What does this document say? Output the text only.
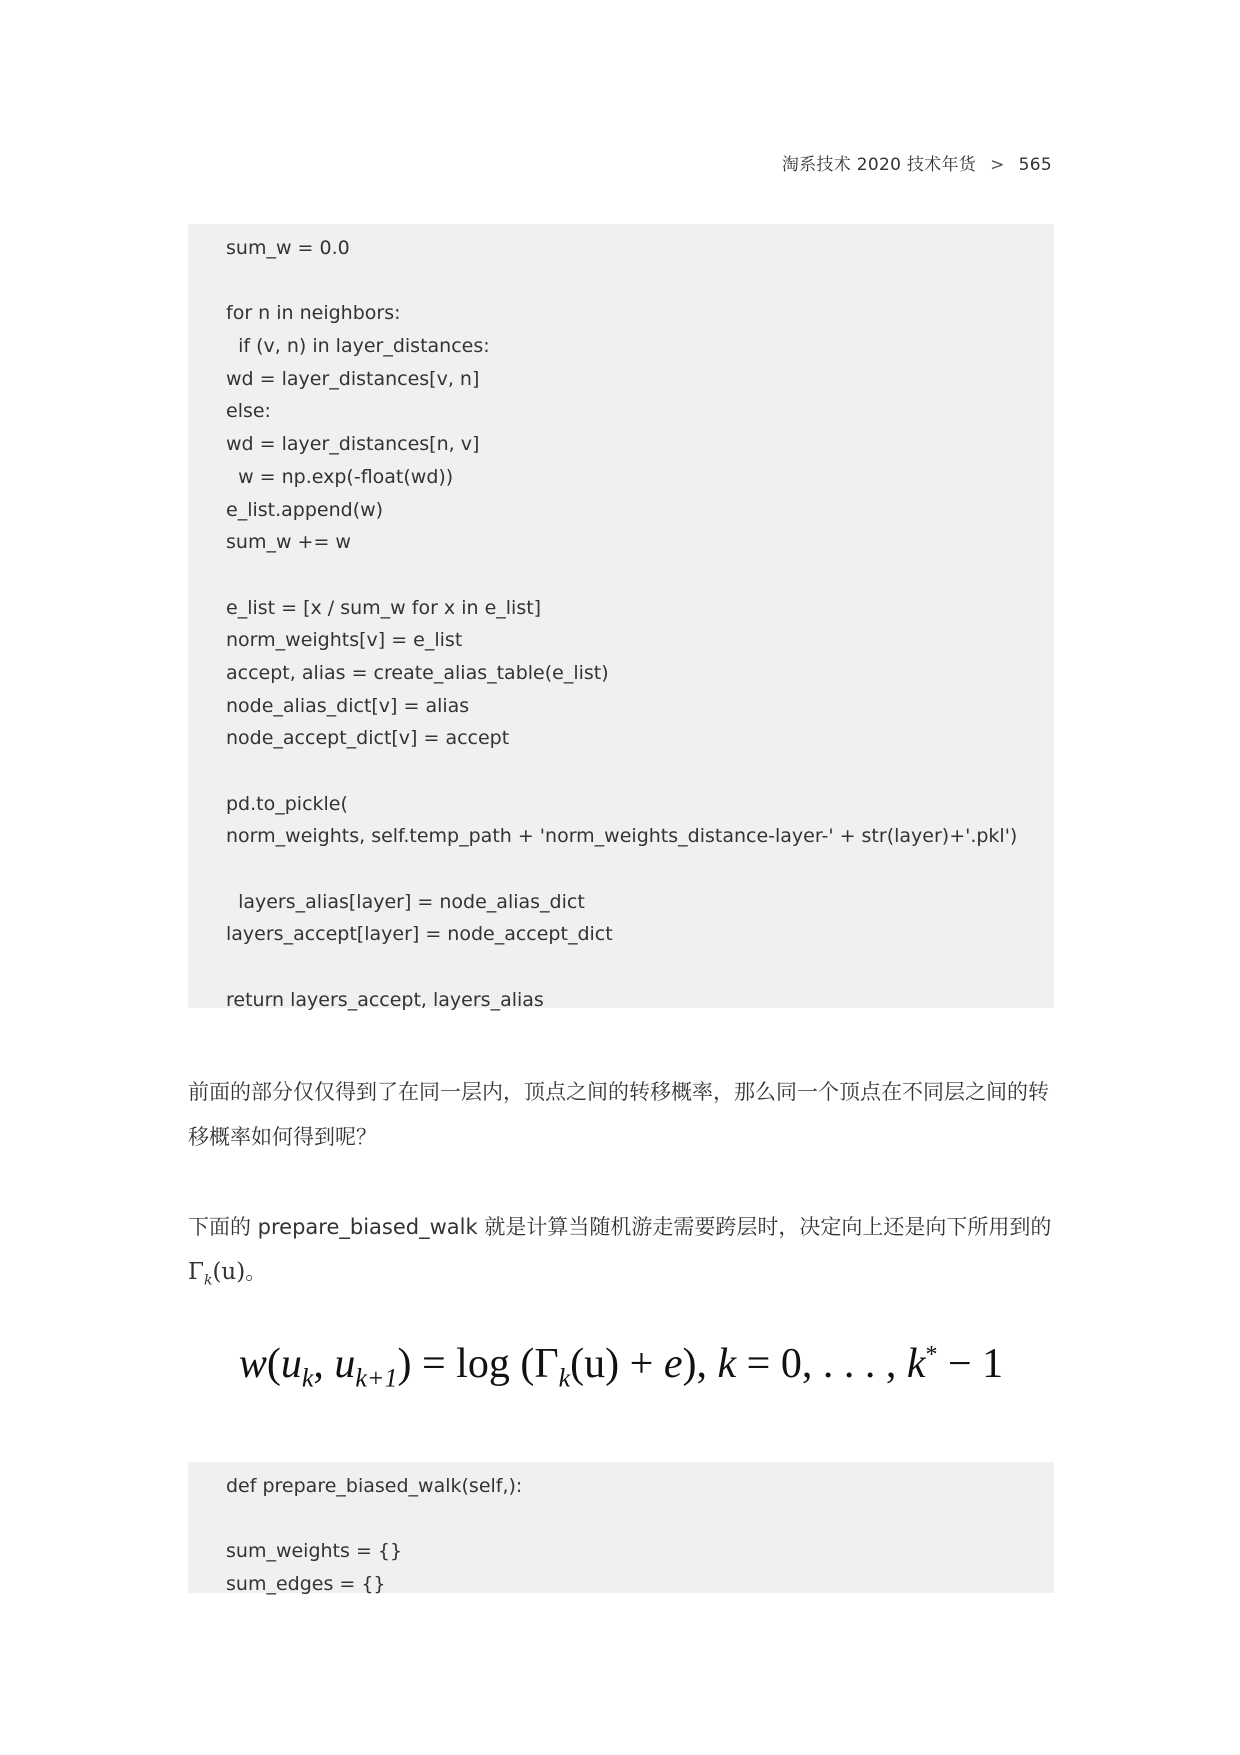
淘系技术 2020 技术年货 > 565
sum_w = 0.0
for n in neighbors:
if (v, n) in layer_distances:
wd = layer_distances[v, n]
else:
wd = layer_distances[n, v]
w = np.exp(-float(wd))
e_list.append(w)
sum_w += w
e_list = [x / sum_w for x in e_list]
norm_weights[v] = e_list
accept, alias = create_alias_table(e_list)
node_alias_dict[v] = alias
node_accept_dict[v] = accept
pd.to_pickle(
norm_weights, self.temp_path + 'norm_weights_distance-layer-' + str(layer)+'.pkl')
layers_alias[layer] = node_alias_dict
layers_accept[layer] = node_accept_dict
return layers_accept, layers_alias
前面的部分仅仅得到了在同一层内，顶点之间的转移概率，那么同一个顶点在不同层之间的转移概率如何得到呢？
下面的 prepare_biased_walk 就是计算当随机游走需要跨层时，决定向上还是向下所用到的
$\Gamma_k(u)$。
$w(u_k$, $u_{k+1}) = \log (\Gamma_k(u) + e)$, k = 0, . . . , k* − 1
def prepare_biased_walk(self,):
sum_weights = {}
sum_edges = {}
